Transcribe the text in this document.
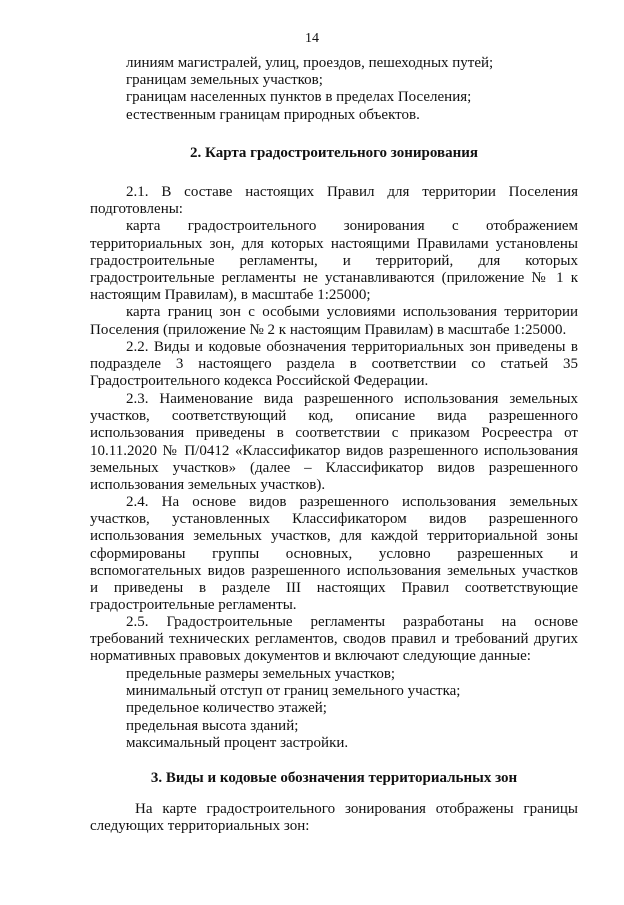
14
линиям магистралей, улиц, проездов, пешеходных путей;
границам земельных участков;
границам населенных пунктов в пределах Поселения;
естественным границам природных объектов.
2. Карта градостроительного зонирования
2.1. В составе настоящих Правил для территории Поселения
подготовлены:
карта градостроительного зонирования с отображением
территориальных зон, для которых настоящими Правилами установлены
градостроительные регламенты, и территорий, для которых
градостроительные регламенты не устанавливаются (приложение № 1 к
настоящим Правилам), в масштабе 1:25000;
карта границ зон с особыми условиями использования территории
Поселения (приложение № 2 к настоящим Правилам) в масштабе 1:25000.
2.2. Виды и кодовые обозначения территориальных зон приведены в
подразделе 3 настоящего раздела в соответствии со статьей 35
Градостроительного кодекса Российской Федерации.
2.3. Наименование вида разрешенного использования земельных
участков, соответствующий код, описание вида разрешенного
использования приведены в соответствии с приказом Росреестра от
10.11.2020 № П/0412 «Классификатор видов разрешенного использования
земельных участков» (далее – Классификатор видов разрешенного
использования земельных участков).
2.4. На основе видов разрешенного использования земельных
участков, установленных Классификатором видов разрешенного
использования земельных участков, для каждой территориальной зоны
сформированы группы основных, условно разрешенных и
вспомогательных видов разрешенного использования земельных участков
и приведены в разделе III настоящих Правил соответствующие
градостроительные регламенты.
2.5. Градостроительные регламенты разработаны на основе
требований технических регламентов, сводов правил и требований других
нормативных правовых документов и включают следующие данные:
предельные размеры земельных участков;
минимальный отступ от границ земельного участка;
предельное количество этажей;
предельная высота зданий;
максимальный процент застройки.
3. Виды и кодовые обозначения территориальных зон
На карте градостроительного зонирования отображены границы
следующих территориальных зон:
